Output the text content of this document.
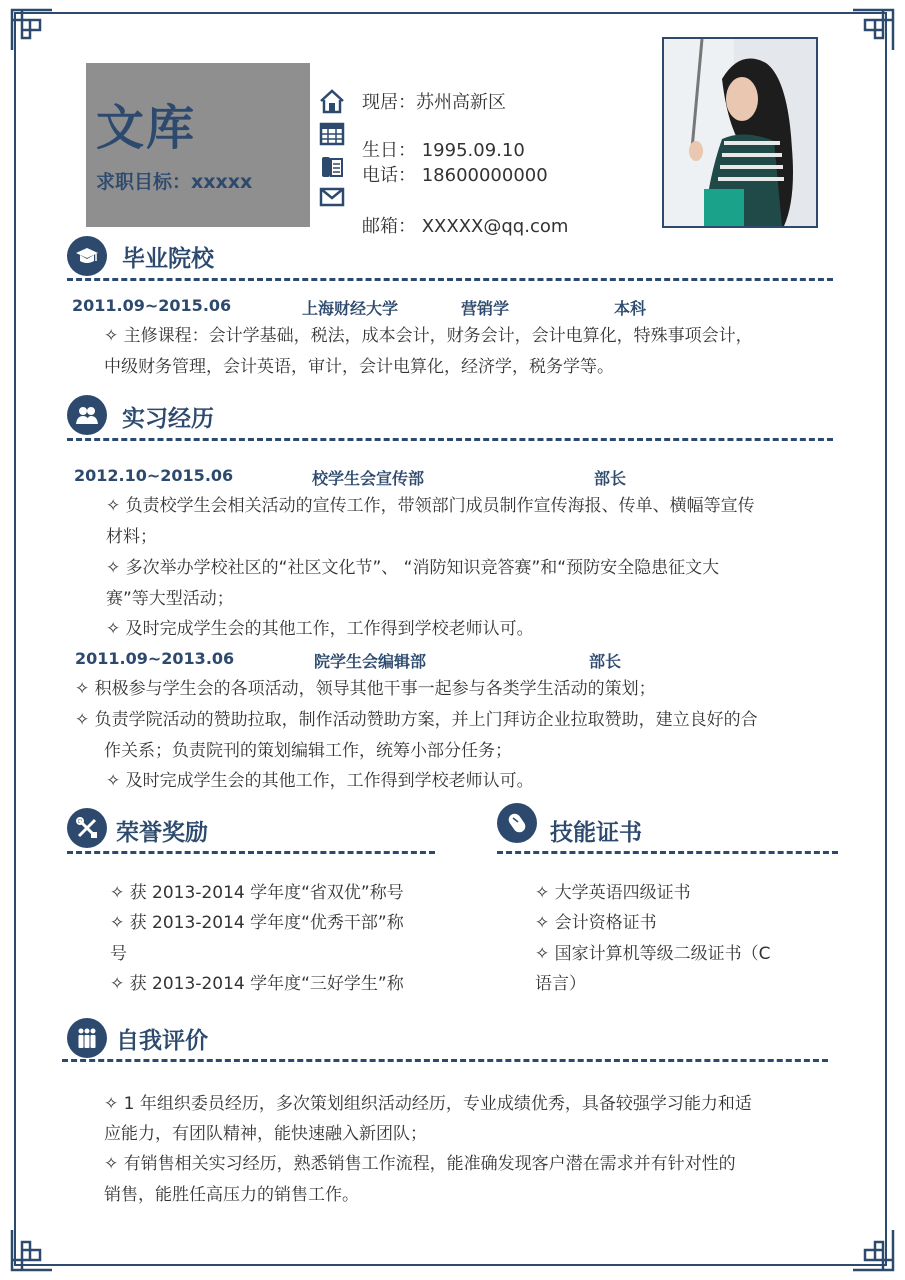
文库
求职目标：xxxxx
现居：苏州高新区
生日： 1995.09.10
电话： 18600000000
邮箱： XXXXX@qq.com
毕业院校
2011.09~2015.06	上海财经大学	营销学	本科
✧ 主修课程：会计学基础，税法，成本会计，财务会计，会计电算化，特殊事项会计，
中级财务管理，会计英语，审计，会计电算化，经济学，税务学等。
实习经历
2012.10~2015.06	校学生会宣传部	部长
✧ 负责校学生会相关活动的宣传工作，带领部门成员制作宣传海报、传单、横幅等宣传
材料；
✧ 多次举办学校社区的“社区文化节”、 “消防知识竞答赛”和“预防安全隐患征文大
赛”等大型活动；
✧ 及时完成学生会的其他工作，工作得到学校老师认可。
2011.09~2013.06	院学生会编辑部	部长
✧ 积极参与学生会的各项活动，领导其他干事一起参与各类学生活动的策划；
✧ 负责学院活动的赞助拉取，制作活动赞助方案，并上门拜访企业拉取赞助，建立良好的合
作关系；负责院刊的策划编辑工作，统筹小部分任务；
✧ 及时完成学生会的其他工作，工作得到学校老师认可。
荣誉奖励
✧ 获 2013-2014 学年度“省双优”称号
✧ 获 2013-2014 学年度“优秀干部”称
号
✧ 获 2013-2014 学年度“三好学生”称
技能证书
✧ 大学英语四级证书
✧ 会计资格证书
✧ 国家计算机等级二级证书（C
语言）
自我评价
✧ 1 年组织委员经历，多次策划组织活动经历，专业成绩优秀，具备较强学习能力和适
应能力，有团队精神，能快速融入新团队；
✧ 有销售相关实习经历，熟悉销售工作流程，能准确发现客户潜在需求并有针对性的
销售，能胜任高压力的销售工作。
